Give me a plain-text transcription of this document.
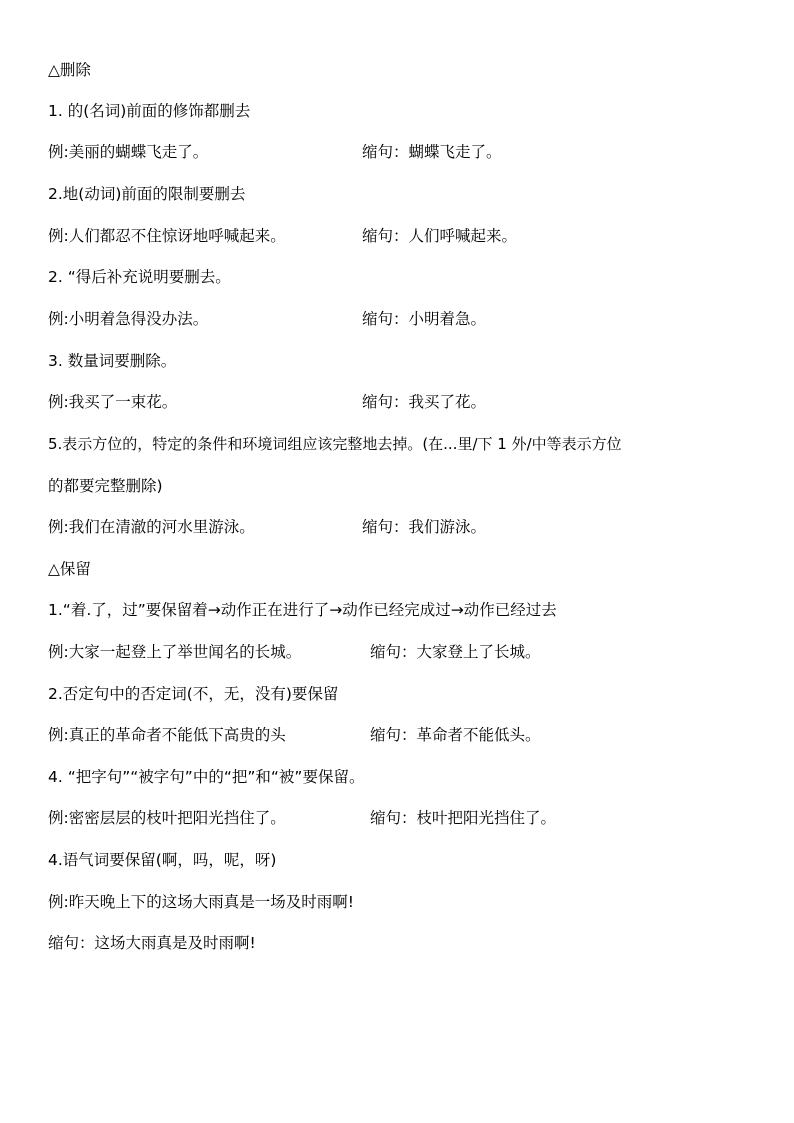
△删除
1. 的(名词)前面的修饰都删去
例:美丽的蝴蝶飞走了。	缩句：蝴蝶飞走了。
2.地(动词)前面的限制要删去
例:人们都忍不住惊讶地呼喊起来。	缩句：人们呼喊起来。
2. “得后补充说明要删去。
例:小明着急得没办法。	缩句：小明着急。
3. 数量词要删除。
例:我买了一束花。	缩句：我买了花。
5.表示方位的，特定的条件和环境词组应该完整地去掉。(在...里/下 1 外/中等表示方位
的都要完整删除)
例:我们在清澈的河水里游泳。	缩句：我们游泳。
△保留
1.“着.了，过”要保留着→动作正在进行了→动作已经完成过→动作已经过去
例:大家一起登上了举世闻名的长城。	缩句：大家登上了长城。
2.否定句中的否定词(不，无，没有)要保留
例:真正的革命者不能低下高贵的头	缩句：革命者不能低头。
4. “把字句”“被字句”中的“把”和“被”要保留。
例:密密层层的枝叶把阳光挡住了。	缩句：枝叶把阳光挡住了。
4.语气词要保留(啊，吗，呢，呀)
例:昨天晚上下的这场大雨真是一场及时雨啊!
缩句：这场大雨真是及时雨啊!
